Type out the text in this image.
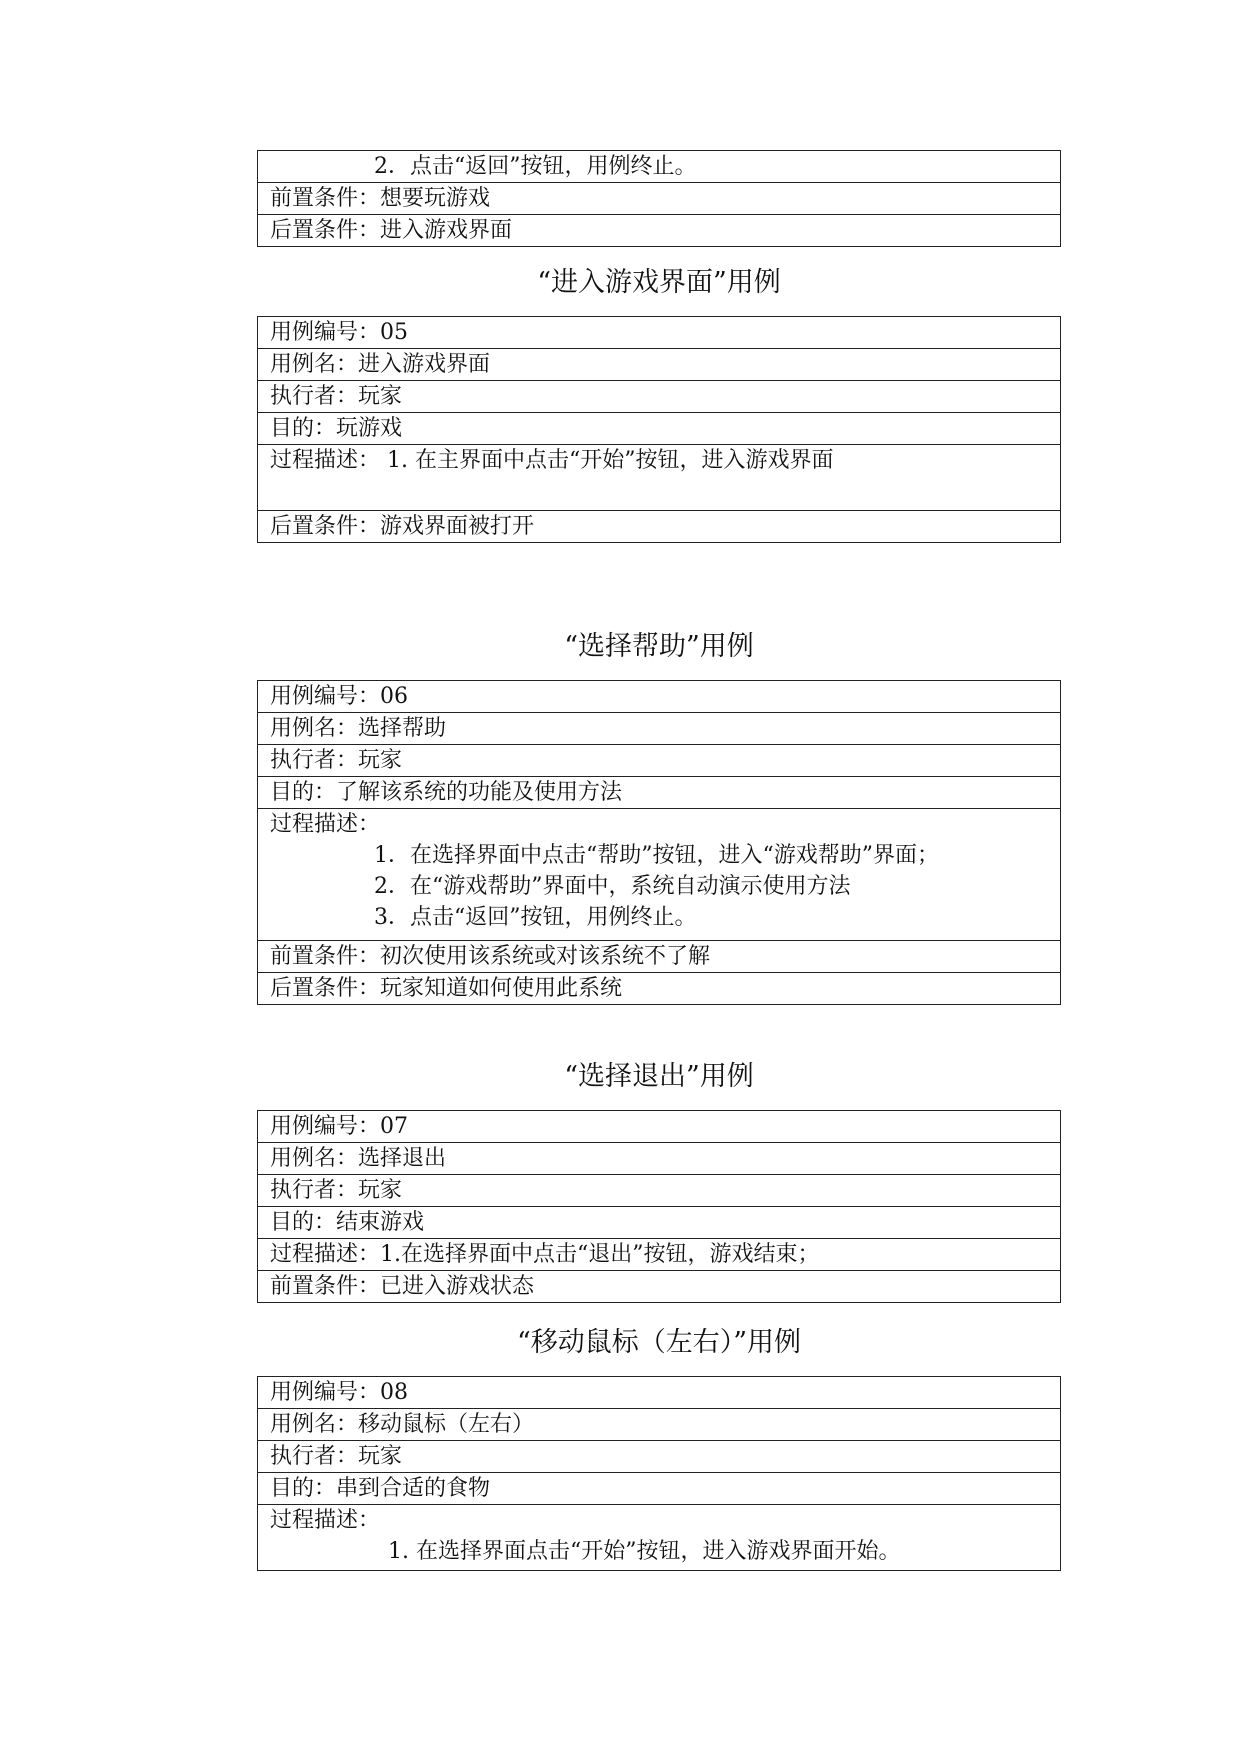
2．点击“返回”按钮，用例终止。
前置条件：想要玩游戏
后置条件：进入游戏界面
“进入游戏界面”用例
用例编号：05
用例名：进入游戏界面
执行者：玩家
目的：玩游戏
过程描述： 1. 在主界面中点击“开始”按钮，进入游戏界面
后置条件：游戏界面被打开
“选择帮助”用例
用例编号：06
用例名：选择帮助
执行者：玩家
目的：了解该系统的功能及使用方法

过程描述：
1．在选择界面中点击“帮助”按钮，进入“游戏帮助”界面；
2．在“游戏帮助”界面中，系统自动演示使用方法
3．点击“返回”按钮，用例终止。

前置条件：初次使用该系统或对该系统不了解
后置条件：玩家知道如何使用此系统
“选择退出”用例
用例编号：07
用例名：选择退出
执行者：玩家
目的：结束游戏
过程描述：1.在选择界面中点击“退出”按钮，游戏结束；
前置条件：已进入游戏状态
“移动鼠标（左右）”用例
用例编号：08
用例名：移动鼠标（左右）
执行者：玩家
目的：串到合适的食物

过程描述：
1. 在选择界面点击“开始”按钮，进入游戏界面开始。
